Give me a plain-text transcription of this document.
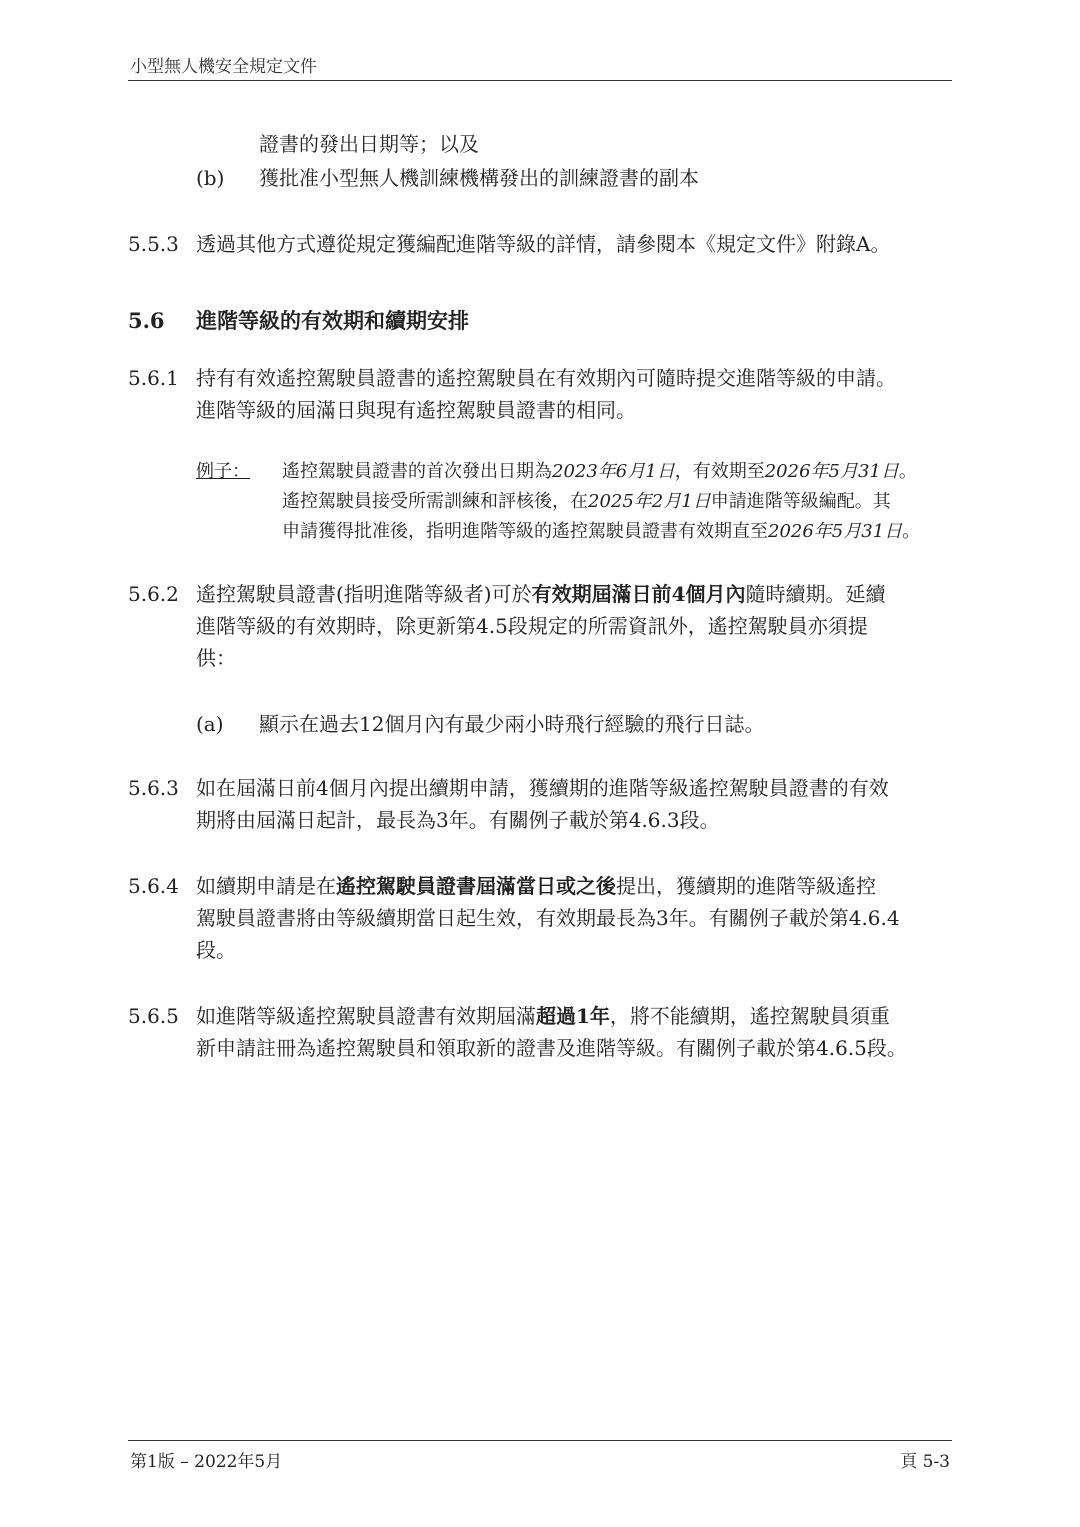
小型無人機安全規定文件
證書的發出日期等；以及
(b) 獲批准小型無人機訓練機構發出的訓練證書的副本
5.5.3 透過其他方式遵從規定獲編配進階等級的詳情，請參閱本《規定文件》附錄A。
5.6 進階等級的有效期和續期安排
5.6.1 持有有效遙控駕駛員證書的遙控駕駛員在有效期內可隨時提交進階等級的申請。
進階等級的屆滿日與現有遙控駕駛員證書的相同。
例子： 遙控駕駛員證書的首次發出日期為2023年6月1日，有效期至2026年5月31日。
遙控駕駛員接受所需訓練和評核後，在2025年2月1日申請進階等級編配。其
申請獲得批准後，指明進階等級的遙控駕駛員證書有效期直至2026年5月31日。
5.6.2 遙控駕駛員證書(指明進階等級者)可於有效期屆滿日前4個月內隨時續期。延續
進階等級的有效期時，除更新第4.5段規定的所需資訊外，遙控駕駛員亦須提
供：
(a) 顯示在過去12個月內有最少兩小時飛行經驗的飛行日誌。
5.6.3 如在屆滿日前4個月內提出續期申請，獲續期的進階等級遙控駕駛員證書的有效
期將由屆滿日起計，最長為3年。有關例子載於第4.6.3段。
5.6.4 如續期申請是在遙控駕駛員證書屆滿當日或之後提出，獲續期的進階等級遙控
駕駛員證書將由等級續期當日起生效，有效期最長為3年。有關例子載於第4.6.4
段。
5.6.5 如進階等級遙控駕駛員證書有效期屆滿超過1年，將不能續期，遙控駕駛員須重
新申請註冊為遙控駕駛員和領取新的證書及進階等級。有關例子載於第4.6.5段。
第1版 – 2022年5月	頁 5-3
